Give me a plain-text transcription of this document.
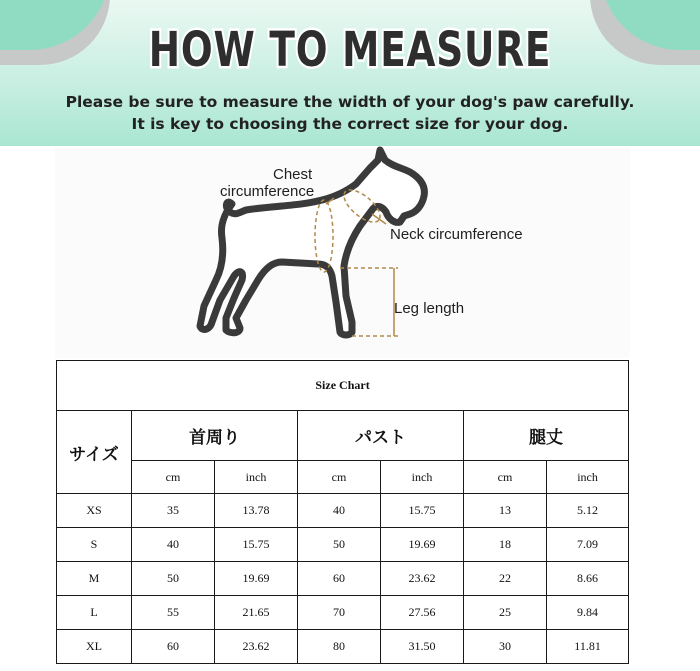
HOW TO MEASURE
Please be sure to measure the width of your dog's paw carefully.
It is key to choosing the correct size for your dog.
Chest
circumference
Neck circumference
Leg length
Size Chart						
サイズ	首周り		パスト		腿丈	
	cm	inch	cm	inch	cm	inch
XS	35	13.78	40	15.75	13	5.12
S	40	15.75	50	19.69	18	7.09
M	50	19.69	60	23.62	22	8.66
L	55	21.65	70	27.56	25	9.84
XL	60	23.62	80	31.50	30	11.81
